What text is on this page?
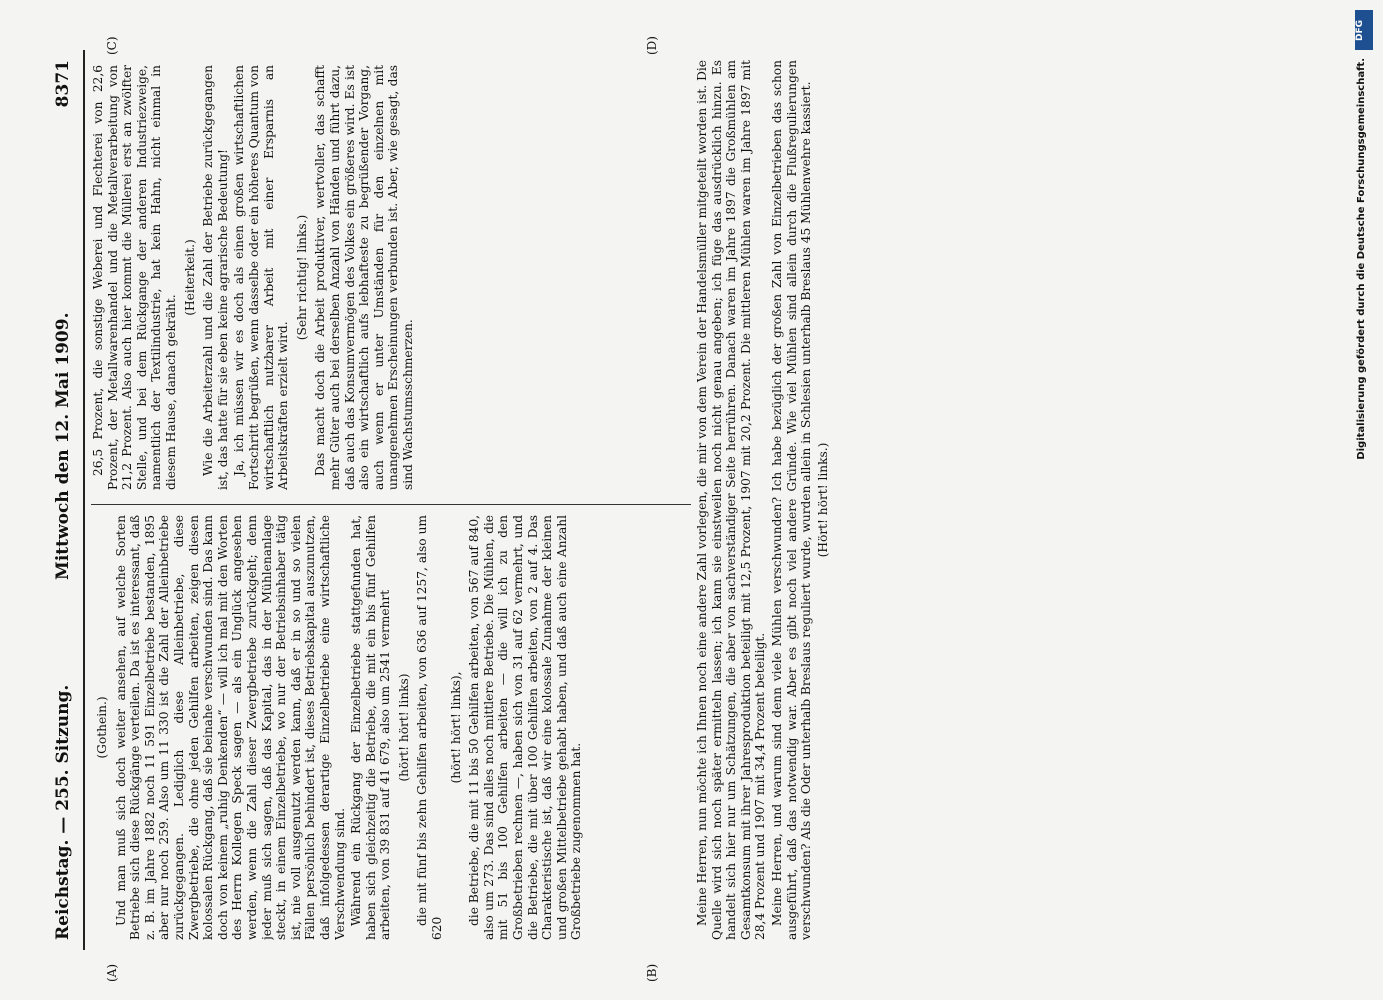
Reichstag. — 255. Sitzung.
Mittwoch den 12. Mai 1909.
8371

(Gothein.) Und man muß sich doch weiter ansehen, auf welche Sorten Betriebe sich diese Rückgänge verteilen. Da ist es interessant, daß z. B. im Jahre 1882 noch 11 591 Einzelbetriebe bestanden, 1895 aber nur noch 259. Also um 11 330 ist die Zahl der Alleinbetriebe zurückgegangen. Lediglich diese Alleinbetriebe, diese Zwergbetriebe, die ohne jeden Gehilfen arbeiten, zeigen diesen kolossalen Rückgang, daß sie beinahe verschwunden sind. Das kann doch von keinem „ruhig Denkenden“ — will ich mal mit den Worten des Herrn Kollegen Speck sagen — als ein Unglück angesehen werden, wenn die Zahl dieser Zwergbetriebe zurückgeht; denn jeder muß sich sagen, daß das Kapital, das in der Mühlenanlage steckt, in einem Einzelbetriebe, wo nur der Betriebsinhaber tätig ist, nie voll ausgenutzt werden kann, daß er in so und so vielen Fällen persönlich behindert ist, dieses Betriebskapital auszunutzen, daß infolgedessen derartige Einzelbetriebe eine wirtschaftliche Verschwendung sind. Während ein Rückgang der Einzelbetriebe stattgefunden hat, haben sich gleichzeitig die Betriebe, die mit ein bis fünf Gehilfen arbeiten, von 39 831 auf 41 679, also um 2541 vermehrt (hört! hört! links) die mit fünf bis zehn Gehilfen arbeiten, von 636 auf 1257, also um 620

(hört! hört! links), die Betriebe, die mit 11 bis 50 Gehilfen arbeiten, von 567 auf 840, also um 273. Das sind alles noch mittlere Betriebe. Die Mühlen, die mit 51 bis 100 Gehilfen arbeiten — die will ich zu den Großbetrieben rechnen —, haben sich von 31 auf 62 vermehrt, und die Betriebe, die mit über 100 Gehilfen arbeiten, von 2 auf 4. Das Charakteristische ist, daß wir eine kolossale Zunahme der kleinen und großen Mittelbetriebe gehabt haben, und daß auch eine Anzahl Großbetriebe zugenommen hat.

26,5 Prozent, die sonstige Weberei und Flechterei von 22,6 Prozent, der Metallwarenhandel und die Metallverarbeitung von 21,2 Prozent. Also auch hier kommt die Müllerei erst an zwölfter Stelle, und bei dem Rückgange der anderen Industriezweige, namentlich der Textilindustrie, hat kein Hahn, nicht einmal in diesem Hause, danach gekräht.

(Heiterkeit.) Wie die Arbeiterzahl und die Zahl der Betriebe zurückgegangen ist, das hatte für sie eben keine agrarische Bedeutung! Ja, ich müssen wir es doch als einen großen wirtschaftlichen Fortschritt begrüßen, wenn dasselbe oder ein höheres Quantum von wirtschaftlich nutzbarer Arbeit mit einer Ersparnis an Arbeitskräften erzielt wird.

(Sehr richtig! links.) Das macht doch die Arbeit produktiver, wertvoller, das schafft mehr Güter auch bei derselben Anzahl von Händen und führt dazu, daß auch das Konsumvermögen des Volkes ein größeres wird. Es ist also ein wirtschaftlich aufs lebhafteste zu begrüßender Vorgang, auch wenn er unter Umständen für den einzelnen mit unangenehmen Erscheinungen verbunden ist. Aber, wie gesagt, das sind Wachstumsschmerzen.	Meine Herren, nun möchte ich Ihnen noch eine andere Zahl vorlegen, die mir von dem Verein der Handelsmüller mitgeteilt worden ist. Die Quelle wird sich noch später ermitteln lassen; ich kann sie einstweilen noch nicht genau angeben; ich füge das ausdrücklich hinzu. Es handelt sich hier nur um Schätzungen, die aber von sachverständiger Seite herrühren. Danach waren im Jahre 1897 die Großmühlen am Gesamtkonsum mit ihrer Jahresproduktion beteiligt mit 12,5 Prozent, 1907 mit 20,2 Prozent. Die mittleren Mühlen waren im Jahre 1897 mit 28,4 Prozent und 1907 mit 34,4 Prozent beteiligt. Meine Herren, und warum sind denn viele Mühlen verschwunden? Ich habe bezüglich der großen Zahl von Einzelbetrieben das schon ausgeführt, daß das notwendig war. Aber es gibt noch viel andere Gründe. Wie viel Mühlen sind allein durch die Flußregulierungen verschwunden? Als die Oder unterhalb Breslaus reguliert wurde, wurden allein in Schlesien unterhalb Breslaus 45 Mühlenwehre kassiert. (Hört! hört! links.)

(A)	(B)
(C)	(D)
DFG
Digitalisierung gefördert durch die Deutsche Forschungsgemeinschaft.
